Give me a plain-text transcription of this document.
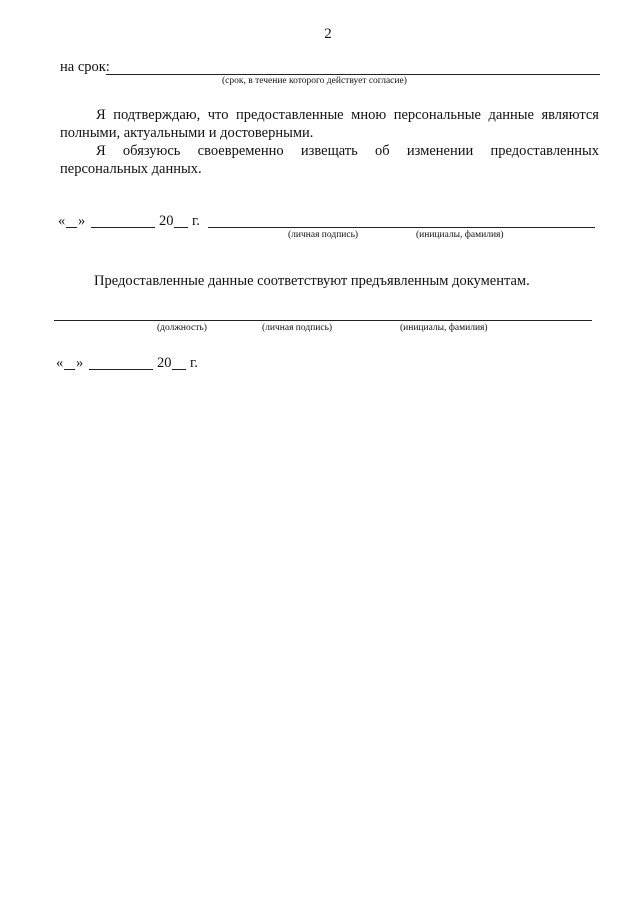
2
на срок:
(срок, в течение которого действует согласие)
Я подтверждаю, что предоставленные мною персональные данные являются
полными, актуальными и достоверными.
Я обязуюсь своевременно извещать об изменении предоставленных
персональных данных.
« »	20 г.
(личная подпись)	(инициалы, фамилия)
Предоставленные данные соответствуют предъявленным документам.
(должность)	(личная подпись)	(инициалы, фамилия)
« »	20 г.
